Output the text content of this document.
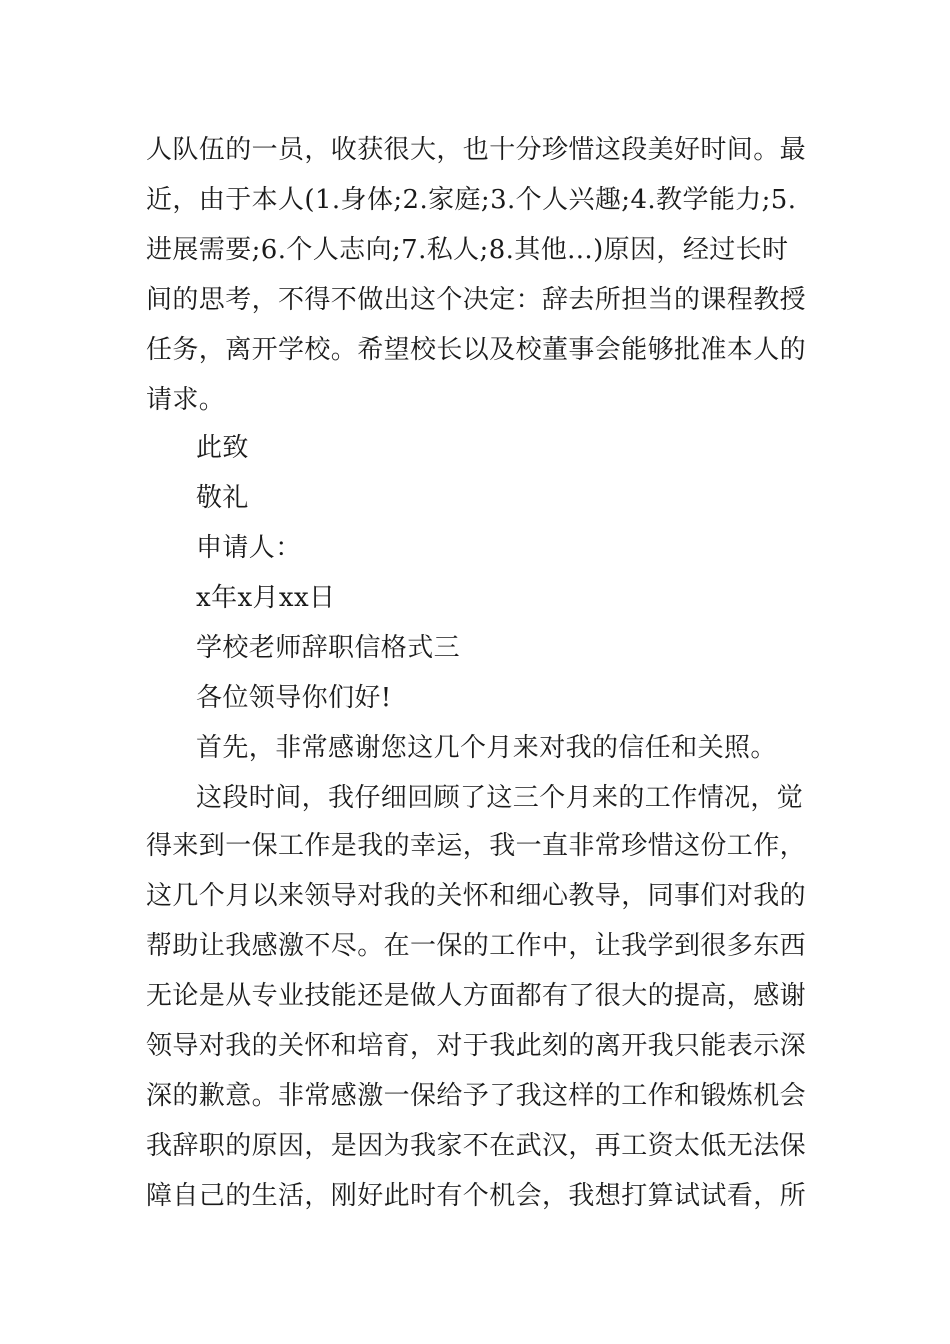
人队伍的一员，收获很大，也十分珍惜这段美好时间。最
近，由于本人(1.身体;2.家庭;3.个人兴趣;4.教学能力;5.
进展需要;6.个人志向;7.私人;8.其他...)原因，经过长时
间的思考，不得不做出这个决定：辞去所担当的课程教授
任务，离开学校。希望校长以及校董事会能够批准本人的
请求。
此致
敬礼
申请人：
x年x月xx日
学校老师辞职信格式三
各位领导你们好!
首先，非常感谢您这几个月来对我的信任和关照。
这段时间，我仔细回顾了这三个月来的工作情况，觉
得来到一保工作是我的幸运，我一直非常珍惜这份工作，
这几个月以来领导对我的关怀和细心教导，同事们对我的
帮助让我感激不尽。在一保的工作中，让我学到很多东西
无论是从专业技能还是做人方面都有了很大的提高，感谢
领导对我的关怀和培育，对于我此刻的离开我只能表示深
深的歉意。非常感激一保给予了我这样的工作和锻炼机会
我辞职的原因，是因为我家不在武汉，再工资太低无法保
障自己的生活，刚好此时有个机会，我想打算试试看，所
